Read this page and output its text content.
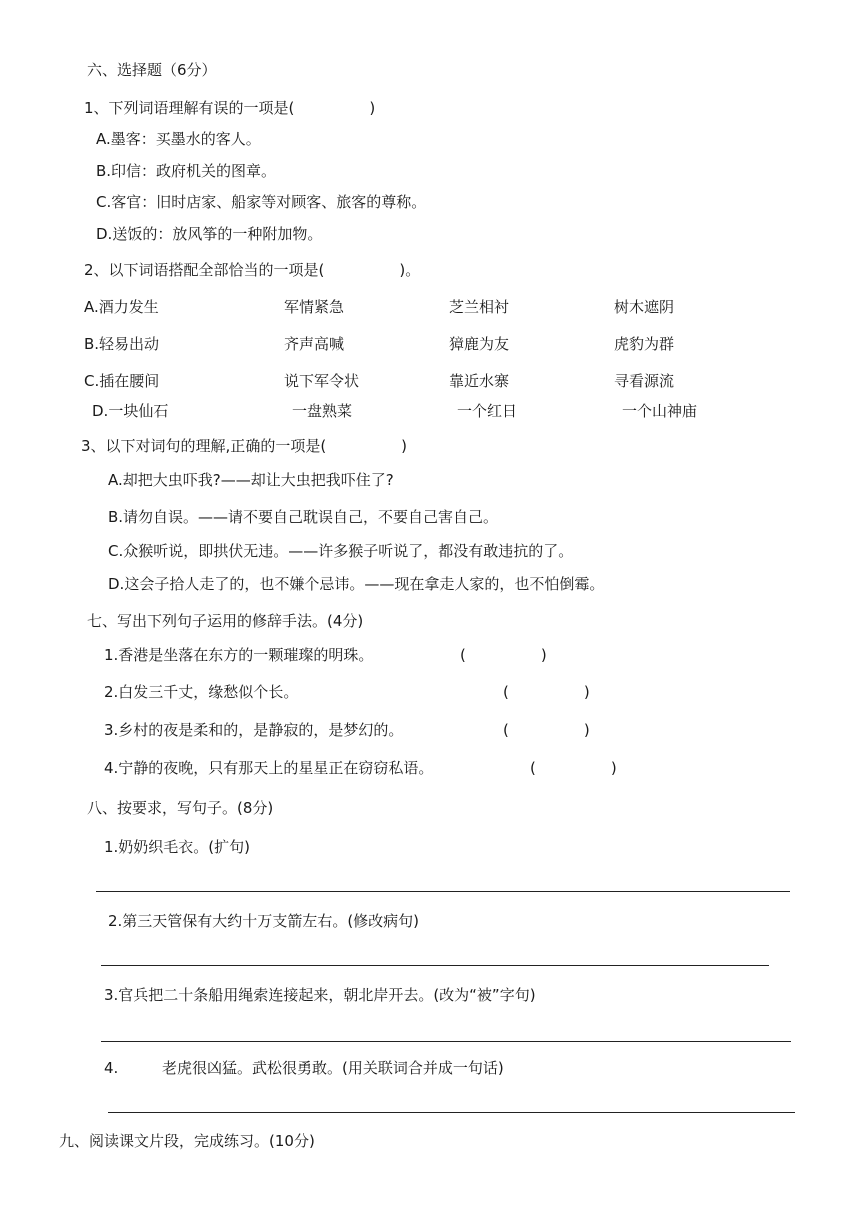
六、选择题（6分）
1、下列词语理解有误的一项是(　　　　　)
A.墨客：买墨水的客人。
B.印信：政府机关的图章。
C.客官：旧时店家、船家等对顾客、旅客的尊称。
D.送饭的：放风筝的一种附加物。
2、以下词语搭配全部恰当的一项是(　　　　　)。
A.酒力发生	军情紧急	芝兰相衬	树木遮阴
B.轻易出动	齐声高喊	獐鹿为友	虎豹为群
C.插在腰间	说下军令状	靠近水寨	寻看源流
D.一块仙石	一盘熟菜	一个红日	一个山神庙
3、以下对词句的理解,正确的一项是(　　　　　)
A.却把大虫吓我?——却让大虫把我吓住了?
B.请勿自误。——请不要自己耽误自己，不要自己害自己。
C.众猴听说，即拱伏无违。——许多猴子听说了，都没有敢违抗的了。
D.这会子拾人走了的，也不嫌个忌讳。——现在拿走人家的，也不怕倒霉。
七、写出下列句子运用的修辞手法。(4分)
1.香港是坐落在东方的一颗璀璨的明珠。	(　　　　　)
2.白发三千丈，缘愁似个长。	(　　　　　)
3.乡村的夜是柔和的，是静寂的，是梦幻的。	(　　　　　)
4.宁静的夜晚，只有那天上的星星正在窃窃私语。	(　　　　　)
八、按要求，写句子。(8分)
1.奶奶织毛衣。(扩句)
2.第三天管保有大约十万支箭左右。(修改病句)
3.官兵把二十条船用绳索连接起来，朝北岸开去。(改为“被”字句)
4.	老虎很凶猛。武松很勇敢。(用关联词合并成一句话)
九、阅读课文片段，完成练习。(10分)
